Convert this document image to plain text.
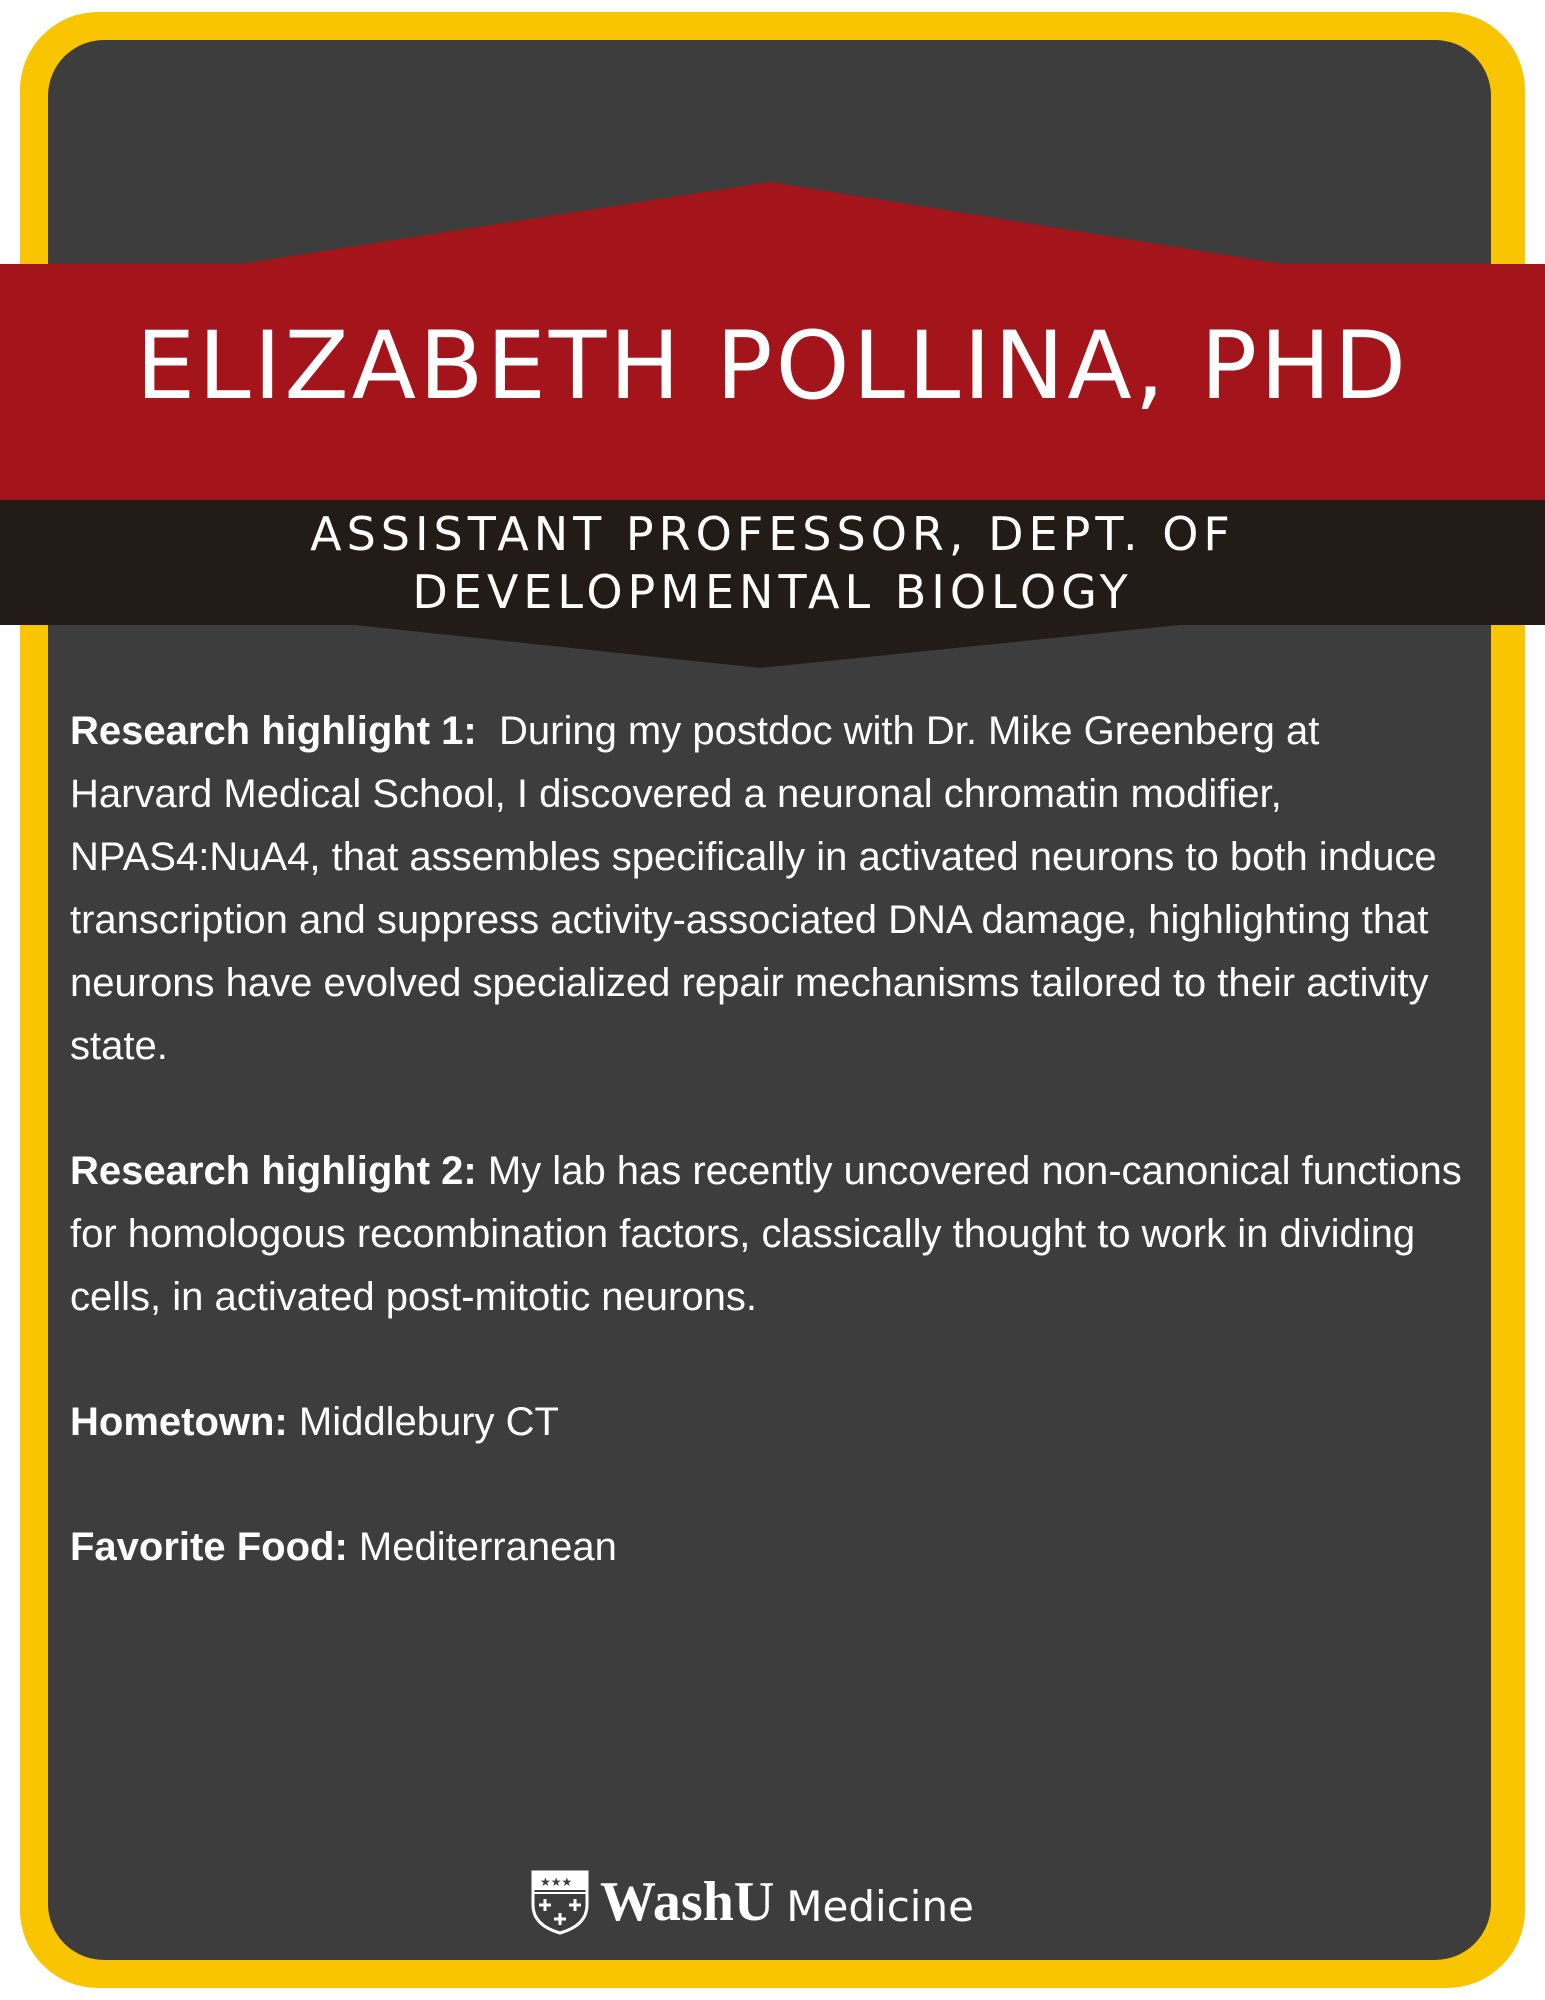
ELIZABETH POLLINA, PHD
ASSISTANT PROFESSOR, DEPT. OF
DEVELOPMENTAL BIOLOGY

Research highlight 1: During my postdoc with Dr. Mike Greenberg at Harvard Medical School, I discovered a neuronal chromatin modifier, NPAS4:NuA4, that assembles specifically in activated neurons to both induce transcription and suppress activity-associated DNA damage, highlighting that neurons have evolved specialized repair mechanisms tailored to their activity state.

Research highlight 2: My lab has recently uncovered non-canonical functions for homologous recombination factors, classically thought to work in dividing cells, in activated post-mitotic neurons.

Hometown: Middlebury CT

Favorite Food: Mediterranean

★★★ WashU Medicine
